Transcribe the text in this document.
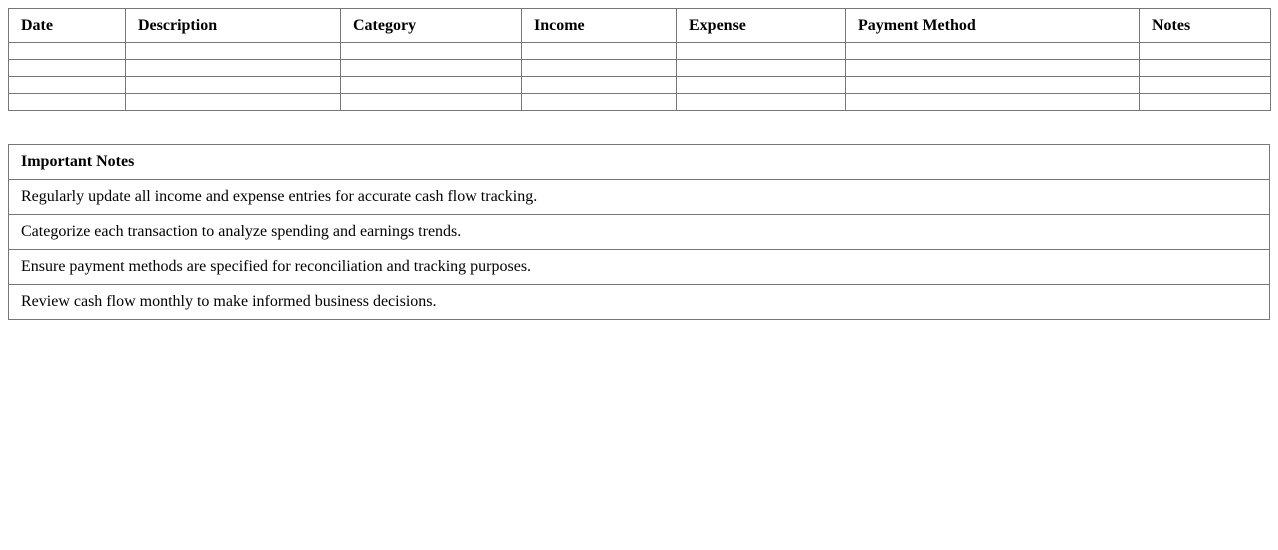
Date	Description	Category	Income	Expense	Payment Method	Notes

Important Notes
Regularly update all income and expense entries for accurate cash flow tracking.
Categorize each transaction to analyze spending and earnings trends.
Ensure payment methods are specified for reconciliation and tracking purposes.
Review cash flow monthly to make informed business decisions.
